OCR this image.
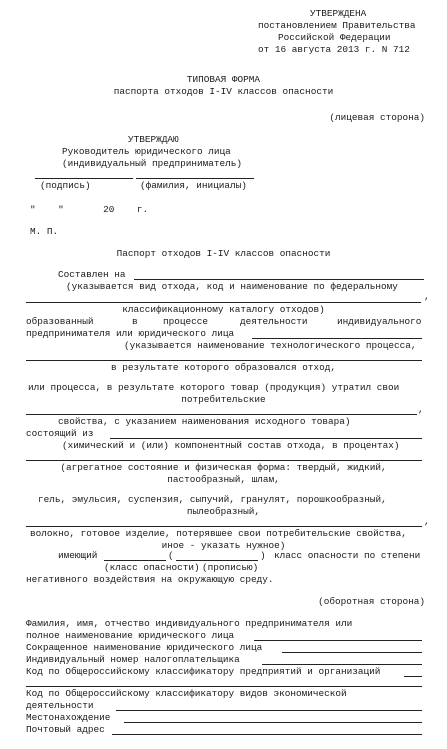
УТВЕРЖДЕНА
постановлением Правительства
Российской Федерации
от 16 августа 2013 г. N 712
ТИПОВАЯ ФОРМА
паспорта отходов I-IV классов опасности
(лицевая сторона)
УТВЕРЖДАЮ
Руководитель юридического лица
(индивидуальный предприниматель)
(подпись)	(фамилия, инициалы)
"    "       20    г.
М. П.
Паспорт отходов I-IV классов опасности
Составлен на
(указывается вид отхода, код и наименование по федеральному
,
классификационному каталогу отходов)
образованный	в	процессе	деятельности	индивидуального
предпринимателя или юридического лица
(указывается наименование технологического процесса,
в результате которого образовался отход,
или процесса, в результате которого товар (продукция) утратил свои
потребительские
,
свойства, с указанием наименования исходного товара)
состоящий из
(химический и (или) компонентный состав отхода, в процентах)
(агрегатное состояние и физическая форма: твердый, жидкий,
пастообразный, шлам,
гель, эмульсия, суспензия, сыпучий, гранулят, порошкообразный,
пылеобразный,
,
волокно, готовое изделие, потерявшее свои потребительские свойства,
иное - указать нужное)
имеющий	(	) класс опасности по степени
(класс опасности) (прописью)
негативного воздействия на окружающую среду.
(оборотная сторона)
Фамилия, имя, отчество индивидуального предпринимателя или
полное наименование юридического лица
Сокращенное наименование юридического лица
Индивидуальный номер налогоплательщика
Код по Общероссийскому классификатору предприятий и организаций
Код по Общероссийскому классификатору видов экономической
деятельности
Местонахождение
Почтовый адрес
